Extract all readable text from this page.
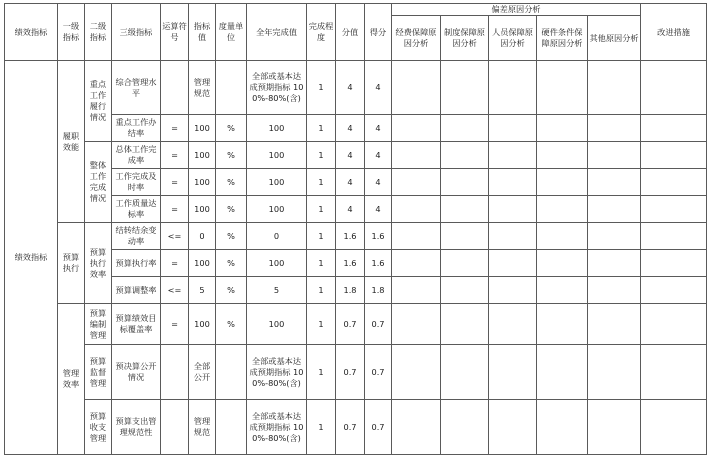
绩效指标	一级指标	二级指标	三级指标	运算符号	指标值	度量单位	全年完成值	完成程度	分值	得分	偏差原因分析					改进措施
											经费保障原因分析	制度保障原因分析	人员保障原因分析	硬件条件保障原因分析	其他原因分析	
绩效指标	履职效能	重点工作履行情况	综合管理水平		管理规范		全部或基本达成预期指标 100%-80%(含)	1	4	4						
			重点工作办结率	=	100	%	100	1	4	4						
		整体工作完成情况	总体工作完成率	=	100	%	100	1	4	4						
			工作完成及时率	=	100	%	100	1	4	4						
			工作质量达标率	=	100	%	100	1	4	4						
	预算执行	预算执行效率	结转结余变动率	<=	0	%	0	1	1.6	1.6						
			预算执行率	=	100	%	100	1	1.6	1.6						
			预算调整率	<=	5	%	5	1	1.8	1.8						
	管理效率	预算编制管理	预算绩效目标覆盖率	=	100	%	100	1	0.7	0.7						
		预算监督管理	预决算公开情况		全部公开		全部或基本达成预期指标 100%-80%(含)	1	0.7	0.7						
		预算收支管理	预算支出管理规范性		管理规范		全部或基本达成预期指标 100%-80%(含)	1	0.7	0.7						
